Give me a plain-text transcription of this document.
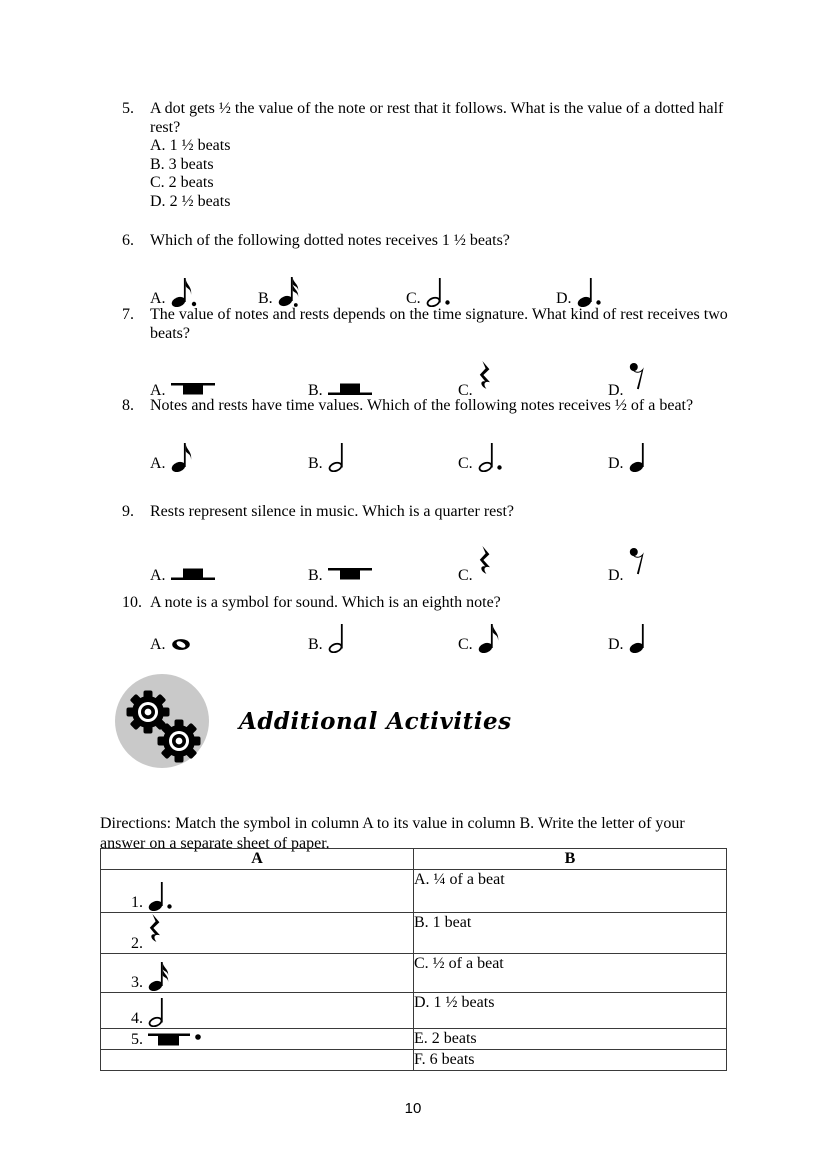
5.	A dot gets ½ the value of the note or rest that it follows. What is the value of a dotted half rest?
A. 1 ½ beats
B. 3 beats
C. 2 beats
D. 2 ½ beats
6.	Which of the following dotted notes receives 1 ½ beats?
A.	B.	C.	D.
7.	The value of notes and rests depends on the time signature. What kind of rest receives two beats?
A.	B.	C.	D.
8.	Notes and rests have time values. Which of the following notes receives ½ of a beat?
A.	B.	C.	D.
9.	Rests represent silence in music. Which is a quarter rest?
A.	B.	C.	D.
10. A note is a symbol for sound. Which is an eighth note?
A.	B.	C.	D.
Additional Activities

Directions: Match the symbol in column A to its value in column B. Write the letter of your answer on a separate sheet of paper.

A	B

1.	A. ¼ of a beat

2.	B. 1 beat

3.	C. ½ of a beat

4.	D. 1 ½ beats

5.	E. 2 beats

	F. 6 beats
10
